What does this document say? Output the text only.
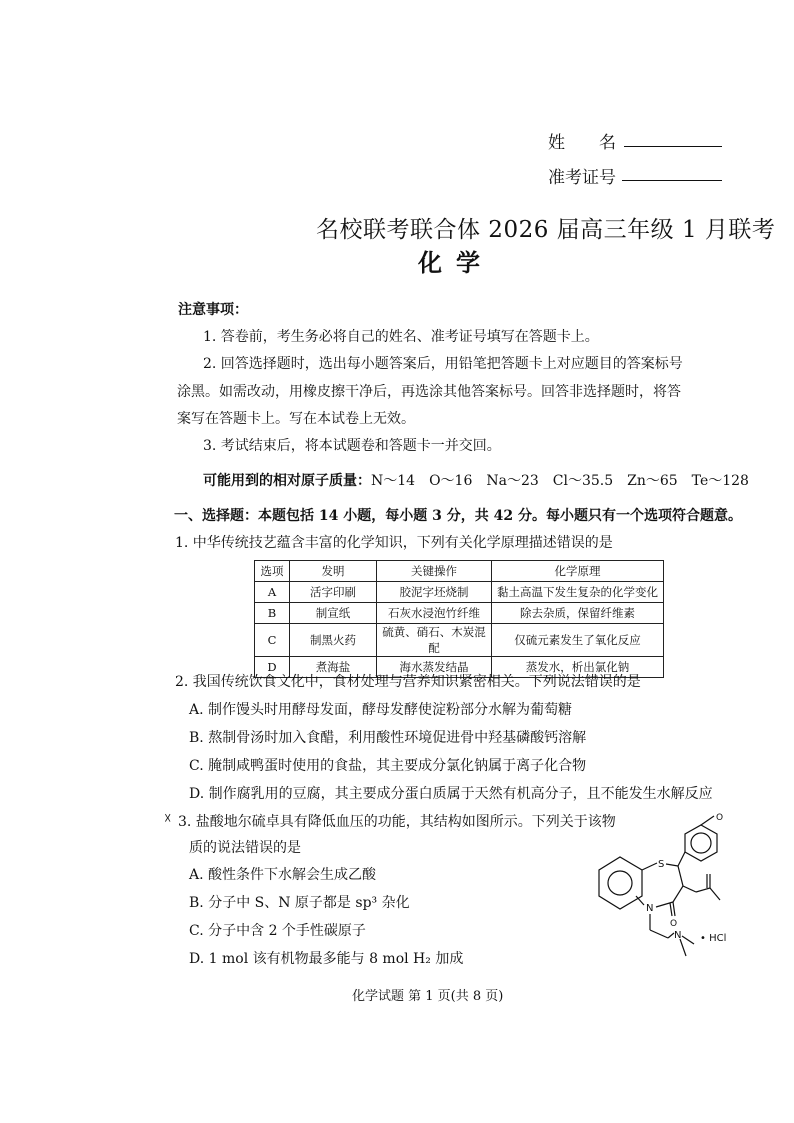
姓　　名
准考证号
名校联考联合体 2026 届高三年级 1 月联考
化学
注意事项：
1. 答卷前，考生务必将自己的姓名、准考证号填写在答题卡上。
2. 回答选择题时，选出每小题答案后，用铅笔把答题卡上对应题目的答案标号
涂黑。如需改动，用橡皮擦干净后，再选涂其他答案标号。回答非选择题时，将答
案写在答题卡上。写在本试卷上无效。
3. 考试结束后，将本试题卷和答题卡一并交回。
可能用到的相对原子质量：N～14　O～16　Na～23　Cl～35.5　Zn～65　Te～128
一、选择题：本题包括 14 小题，每小题 3 分，共 42 分。每小题只有一个选项符合题意。
1. 中华传统技艺蕴含丰富的化学知识，下列有关化学原理描述错误的是
选项	发明	关键操作	化学原理
A	活字印刷	胶泥字坯烧制	黏土高温下发生复杂的化学变化
B	制宣纸	石灰水浸泡竹纤维	除去杂质，保留纤维素
C	制黑火药	硫黄、硝石、木炭混配	仅硫元素发生了氧化反应
D	煮海盐	海水蒸发结晶	蒸发水，析出氯化钠
2. 我国传统饮食文化中，食材处理与营养知识紧密相关。下列说法错误的是
A. 制作馒头时用酵母发面，酵母发酵使淀粉部分水解为葡萄糖
B. 熬制骨汤时加入食醋，利用酸性环境促进骨中羟基磷酸钙溶解
C. 腌制咸鸭蛋时使用的食盐，其主要成分氯化钠属于离子化合物
D. 制作腐乳用的豆腐，其主要成分蛋白质属于天然有机高分子，且不能发生水解反应
☓ 3. 盐酸地尔硫卓具有降低血压的功能，其结构如图所示。下列关于该物
质的说法错误的是
A. 酸性条件下水解会生成乙酸
B. 分子中 S、N 原子都是 sp³ 杂化
C. 分子中含 2 个手性碳原子
D. 1 mol 该有机物最多能与 8 mol H₂ 加成
O
S
N
O
N • HCl
化学试题 第 1 页(共 8 页)
